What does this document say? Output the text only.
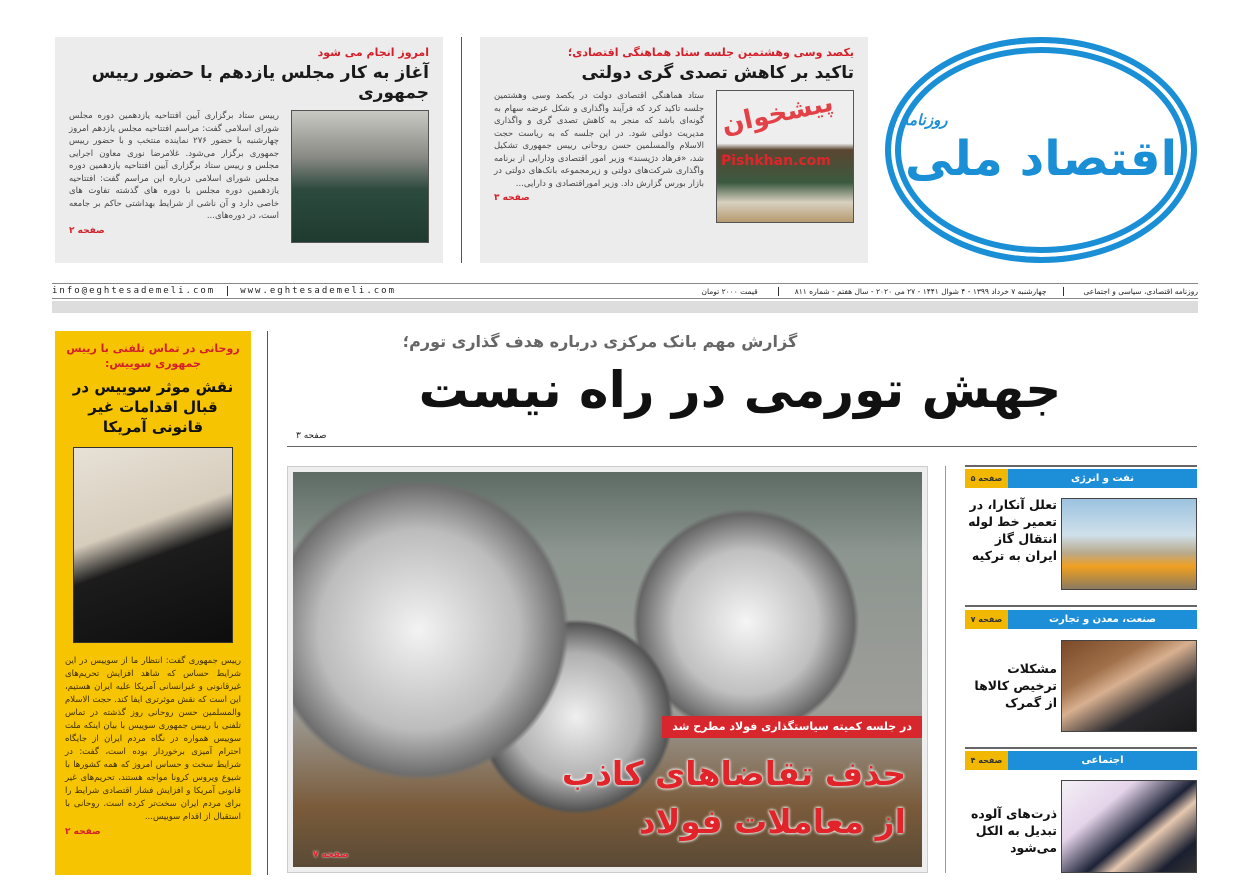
امروز انجام می شود
آغاز به کار مجلس یازدهم با حضور رییس جمهوری
رییس ستاد برگزاری آیین افتتاحیه یازدهمین دوره مجلس شورای اسلامی گفت: مراسم افتتاحیه مجلس یازدهم امروز چهارشنبه با حضور ۲۷۶ نماینده منتخب و با حضور رییس جمهوری برگزار می‌شود. غلامرضا نوری معاون اجرایی مجلس و رییس ستاد برگزاری آیین افتتاحیه یازدهمین دوره مجلس شورای اسلامی درباره این مراسم گفت: افتتاحیه یازدهمین دوره مجلس با دوره های گذشته تفاوت های خاصی دارد و آن ناشی از شرایط بهداشتی حاکم بر جامعه است، در دوره‌های...
صفحه ۲
یکصد وسی وهشتمین جلسه ستاد هماهنگی اقتصادی؛
تاکید بر کاهش تصدی گری دولتی
پیشخوان
Pishkhan.com
ستاد هماهنگی اقتصادی دولت در یکصد وسی وهشتمین جلسه تاکید کرد که فرآیند واگذاری و شکل عرضه سهام به گونه‌ای باشد که منجر به کاهش تصدی گری و واگذاری مدیریت دولتی شود. در این جلسه که به ریاست حجت الاسلام والمسلمین حسن روحانی رییس جمهوری تشکیل شد، «فرهاد دژپسند» وزیر امور اقتصادی ودارایی از برنامه واگذاری شرکت‌های دولتی و زیرمجموعه بانک‌های دولتی در بازار بورس گزارش داد. وزیر اموراقتصادی و دارایی...
صفحه ۳
روزنامه
اقتصاد ملی
info@eghtesademeli.com	www.eghtesademeli.com	روزنامه اقتصادی، سیاسی و اجتماعی
چهارشنبه ۷ خرداد ۱۳۹۹ - ۴ شوال ۱۴۴۱ - ۲۷ می ۲۰۲۰ - سال هفتم - شماره ۸۱۱
قیمت ۲۰۰۰ تومان
روحانی در تماس تلفنی با رییس جمهوری سوییس:
نقش موثر سوییس در قبال اقدامات غیر قانونی آمریکا
رییس جمهوری گفت: انتظار ما از سوییس در این شرایط حساس که شاهد افزایش تحریم‌های غیرقانونی و غیرانسانی آمریکا علیه ایران هستیم، این است که نقش موثرتری ایفا کند. حجت الاسلام والمسلمین حسن روحانی روز گذشته در تماس تلفنی با رییس جمهوری سوییس با بیان اینکه ملت سوییس همواره در نگاه مردم ایران از جایگاه احترام آمیزی برخوردار بوده است، گفت: در شرایط سخت و حساس امروز که همه کشورها با شیوع ویروس کرونا مواجه هستند، تحریم‌های غیر قانونی آمریکا و افزایش فشار اقتصادی شرایط را برای مردم ایران سخت‌تر کرده است. روحانی با استقبال از اقدام سوییس...
صفحه ۲
گزارش مهم بانک مرکزی درباره هدف گذاری تورم؛
جهش تورمی در راه نیست
صفحه ۳
در جلسه کمیته سیاستگذاری فولاد مطرح شد
حذف تقاضاهای کاذب
از معاملات فولاد
صفحه ۷
نفت و انرژی
صفحه ۵
تعلل آنکارا، در تعمیر خط لوله انتقال گاز ایران به ترکیه
صنعت، معدن و تجارت
صفحه ۷
مشکلات ترخیص کالاها از گمرک
اجتماعی
صفحه ۴
ذرت‌های آلوده تبدیل به الکل می‌شود
